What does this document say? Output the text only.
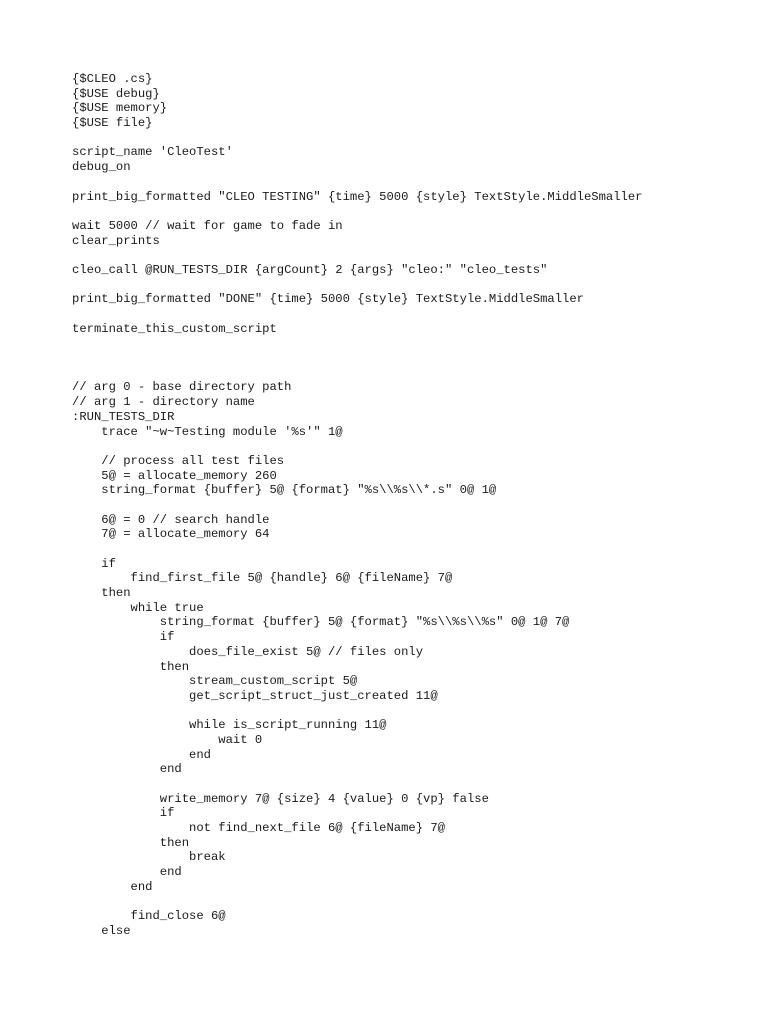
{$CLEO .cs}
{$USE debug}
{$USE memory}
{$USE file}
script_name 'CleoTest'
debug_on
print_big_formatted "CLEO TESTING" {time} 5000 {style} TextStyle.MiddleSmaller
wait 5000 // wait for game to fade in
clear_prints
cleo_call @RUN_TESTS_DIR {argCount} 2 {args} "cleo:" "cleo_tests"
print_big_formatted "DONE" {time} 5000 {style} TextStyle.MiddleSmaller
terminate_this_custom_script
// arg 0 - base directory path
// arg 1 - directory name
:RUN_TESTS_DIR
trace "~w~Testing module '%s'" 1@
// process all test files
5@ = allocate_memory 260
string_format {buffer} 5@ {format} "%s\\%s\\*.s" 0@ 1@
6@ = 0 // search handle
7@ = allocate_memory 64
if
find_first_file 5@ {handle} 6@ {fileName} 7@
then
while true
string_format {buffer} 5@ {format} "%s\\%s\\%s" 0@ 1@ 7@
if
does_file_exist 5@ // files only
then
stream_custom_script 5@
get_script_struct_just_created 11@
while is_script_running 11@
wait 0
end
end
write_memory 7@ {size} 4 {value} 0 {vp} false
if
not find_next_file 6@ {fileName} 7@
then
break
end
end
find_close 6@
else
